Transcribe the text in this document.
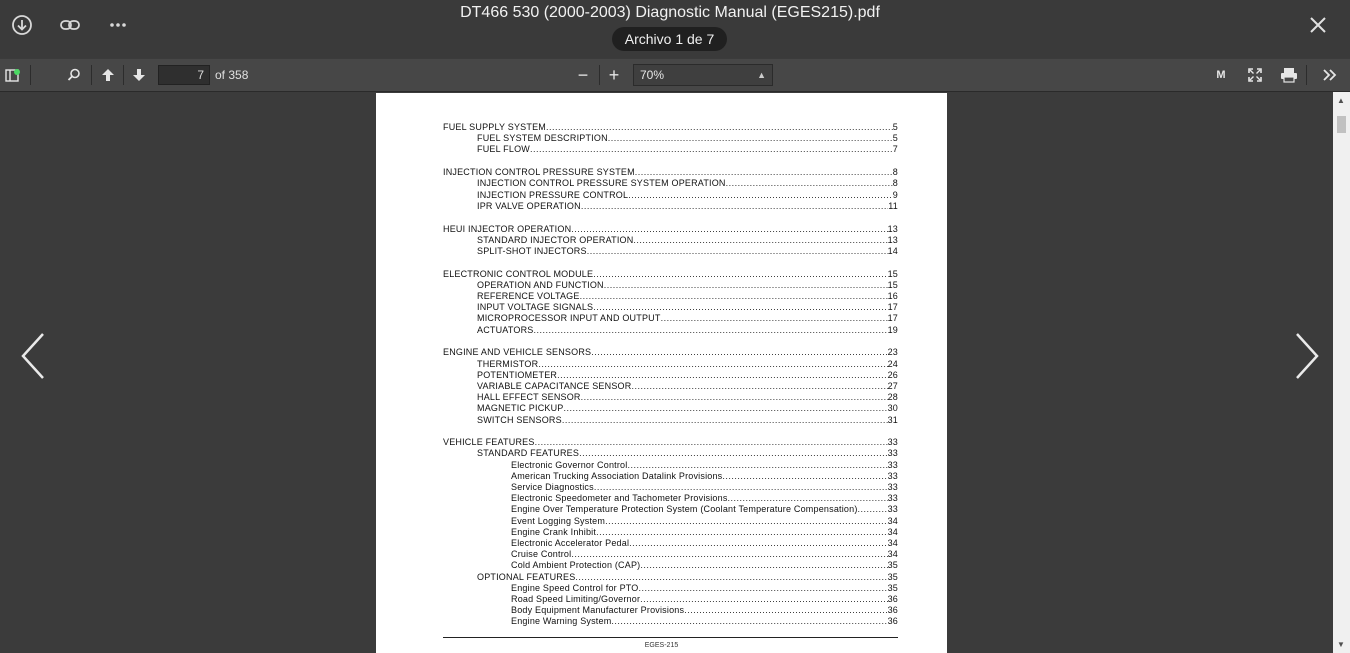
DT466 530 (2000-2003) Diagnostic Manual (EGES215).pdf
Archivo 1 de 7
7
of 358	−	+	70%	▲	M
FUEL SUPPLY SYSTEM .....	5
FUEL SYSTEM DESCRIPTION .....	5
FUEL FLOW .....	7
INJECTION CONTROL PRESSURE SYSTEM .....	8
INJECTION CONTROL PRESSURE SYSTEM OPERATION .....	8
INJECTION PRESSURE CONTROL .....	9
IPR VALVE OPERATION .....	11
HEUI INJECTOR OPERATION .....	13
STANDARD INJECTOR OPERATION .....	13
SPLIT-SHOT INJECTORS .....	14
ELECTRONIC CONTROL MODULE .....	15
OPERATION AND FUNCTION .....	15
REFERENCE VOLTAGE .....	16
INPUT VOLTAGE SIGNALS .....	17
MICROPROCESSOR INPUT AND OUTPUT .....	17
ACTUATORS .....	19
ENGINE AND VEHICLE SENSORS .....	23
THERMISTOR .....	24
POTENTIOMETER .....	26
VARIABLE CAPACITANCE SENSOR .....	27
HALL EFFECT SENSOR .....	28
MAGNETIC PICKUP .....	30
SWITCH SENSORS .....	31
VEHICLE FEATURES .....	33
STANDARD FEATURES .....	33
Electronic Governor Control .....	33
American Trucking Association Datalink Provisions .....	33
Service Diagnostics .....	33
Electronic Speedometer and Tachometer Provisions .....	33
Engine Over Temperature Protection System (Coolant Temperature Compensation) .....	33
Event Logging System .....	34
Engine Crank Inhibit .....	34
Electronic Accelerator Pedal .....	34
Cruise Control .....	34
Cold Ambient Protection (CAP) .....	35
OPTIONAL FEATURES .....	35
Engine Speed Control for PTO .....	35
Road Speed Limiting/Governor .....	36
Body Equipment Manufacturer Provisions .....	36
Engine Warning System .....	36
EGES-215
▲
▼
